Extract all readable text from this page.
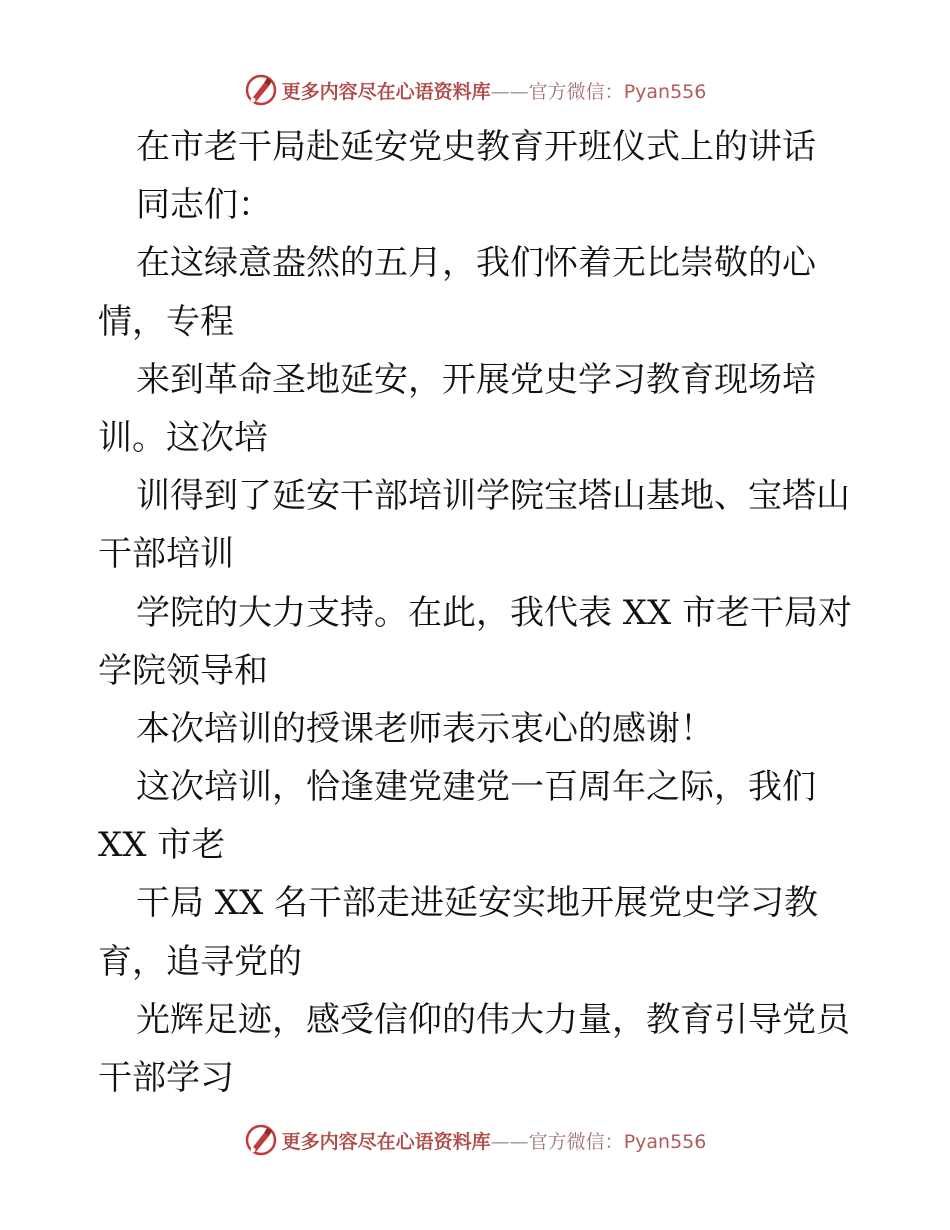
更多内容尽在心语资料库——官方微信：Pyan556
在市老干局赴延安党史教育开班仪式上的讲话
同志们：
在这绿意盎然的五月，我们怀着无比崇敬的心
情，专程
来到革命圣地延安，开展党史学习教育现场培
训。这次培
训得到了延安干部培训学院宝塔山基地、宝塔山
干部培训
学院的大力支持。在此，我代表 XX 市老干局对
学院领导和
本次培训的授课老师表示衷心的感谢！
这次培训，恰逢建党建党一百周年之际，我们
XX 市老
干局 XX 名干部走进延安实地开展党史学习教
育，追寻党的
光辉足迹，感受信仰的伟大力量，教育引导党员
干部学习
更多内容尽在心语资料库——官方微信：Pyan556
